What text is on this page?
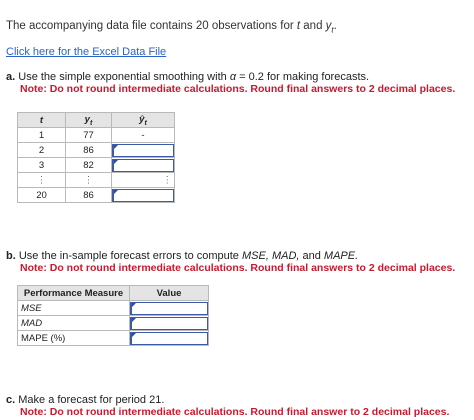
The accompanying data file contains 20 observations for t and $y_t$.
Click here for the Excel Data File
a. Use the simple exponential smoothing with α = 0.2 for making forecasts.
Note: Do not round intermediate calculations. Round final answers to 2 decimal places.
t	$y_t$	$ŷ_t$
1	77	-
2	86	

3	82	

⋮	⋮	⋮
20	86	
b. Use the in-sample forecast errors to compute MSE, MAD, and MAPE.
Note: Do not round intermediate calculations. Round final answers to 2 decimal places.
Performance Measure	Value
MSE	

MAD	

MAPE (%)	
c. Make a forecast for period 21.
Note: Do not round intermediate calculations. Round final answer to 2 decimal places.
